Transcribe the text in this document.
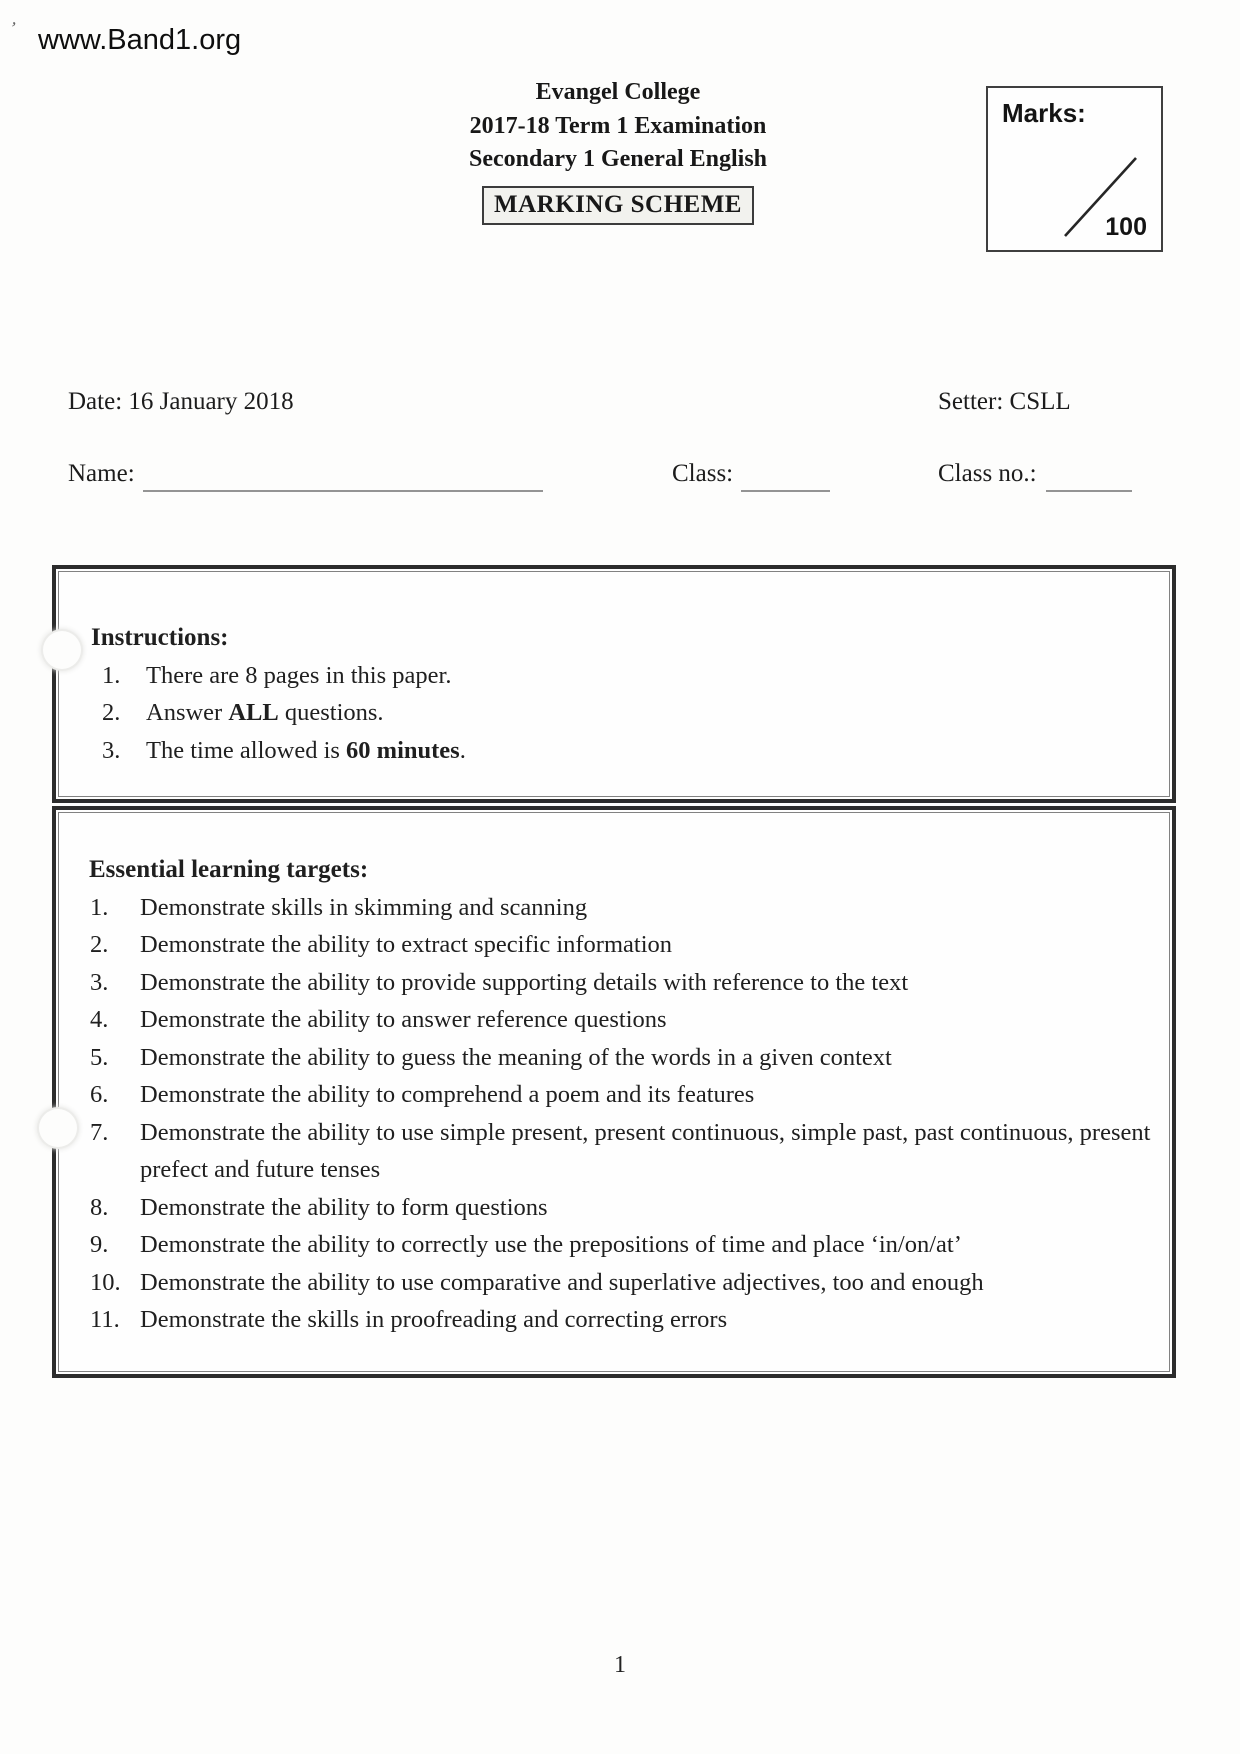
’ www.Band1.org
Evangel College
2017-18 Term 1 Examination
Secondary 1 General English
MARKING SCHEME
Marks:
100
Date: 16 January 2018	Setter: CSLL
Name:	Class:	Class no.:
Instructions:
1.	There are 8 pages in this paper.
2.	Answer ALL questions.
3.	The time allowed is 60 minutes.
Essential learning targets:
1.	Demonstrate skills in skimming and scanning
2.	Demonstrate the ability to extract specific information
3.	Demonstrate the ability to provide supporting details with reference to the text
4.	Demonstrate the ability to answer reference questions
5.	Demonstrate the ability to guess the meaning of the words in a given context
6.	Demonstrate the ability to comprehend a poem and its features
7.	Demonstrate the ability to use simple present, present continuous, simple past, past continuous, present prefect and future tenses
8.	Demonstrate the ability to form questions
9.	Demonstrate the ability to correctly use the prepositions of time and place ‘in/on/at’
10. Demonstrate the ability to use comparative and superlative adjectives, too and enough
11. Demonstrate the skills in proofreading and correcting errors
1
